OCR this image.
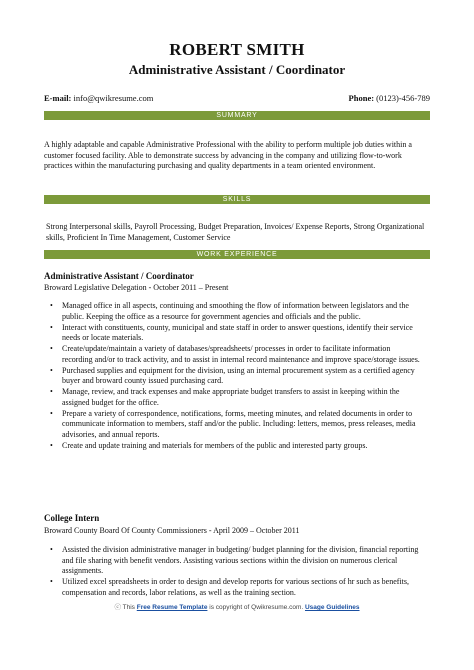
ROBERT SMITH
Administrative Assistant / Coordinator
E-mail: info@qwikresume.com	Phone: (0123)-456-789
SUMMARY
A highly adaptable and capable Administrative Professional with the ability to perform multiple job duties within a customer focused facility. Able to demonstrate success by advancing in the company and utilizing flow-to-work practices within the manufacturing purchasing and quality departments in a team oriented environment.
SKILLS
Strong Interpersonal skills, Payroll Processing, Budget Preparation, Invoices/ Expense Reports, Strong Organizational skills, Proficient In Time Management, Customer Service
WORK EXPERIENCE
Administrative Assistant / Coordinator
Broward Legislative Delegation - October 2011 – Present
• Managed office in all aspects, continuing and smoothing the flow of information between legislators and the public. Keeping the office as a resource for government agencies and officials and the public.
• Interact with constituents, county, municipal and state staff in order to answer questions, identify their service needs or locate materials.
• Create/update/maintain a variety of databases/spreadsheets/ processes in order to facilitate information recording and/or to track activity, and to assist in internal record maintenance and improve space/storage issues.
• Purchased supplies and equipment for the division, using an internal procurement system as a certified agency buyer and broward county issued purchasing card.
• Manage, review, and track expenses and make appropriate budget transfers to assist in keeping within the assigned budget for the office.
• Prepare a variety of correspondence, notifications, forms, meeting minutes, and related documents in order to communicate information to members, staff and/or the public. Including: letters, memos, press releases, media advisories, and annual reports.
• Create and update training and materials for members of the public and interested party groups.
College Intern
Broward County Board Of County Commissioners - April 2009 – October 2011
• Assisted the division administrative manager in budgeting/ budget planning for the division, financial reporting and file sharing with benefit vendors. Assisting various sections within the division on numerous clerical assignments.
• Utilized excel spreadsheets in order to design and develop reports for various sections of hr such as benefits, compensation and records, labor relations, as well as the training section.
ⓒ This Free Resume Template is copyright of Qwikresume.com. Usage Guidelines
